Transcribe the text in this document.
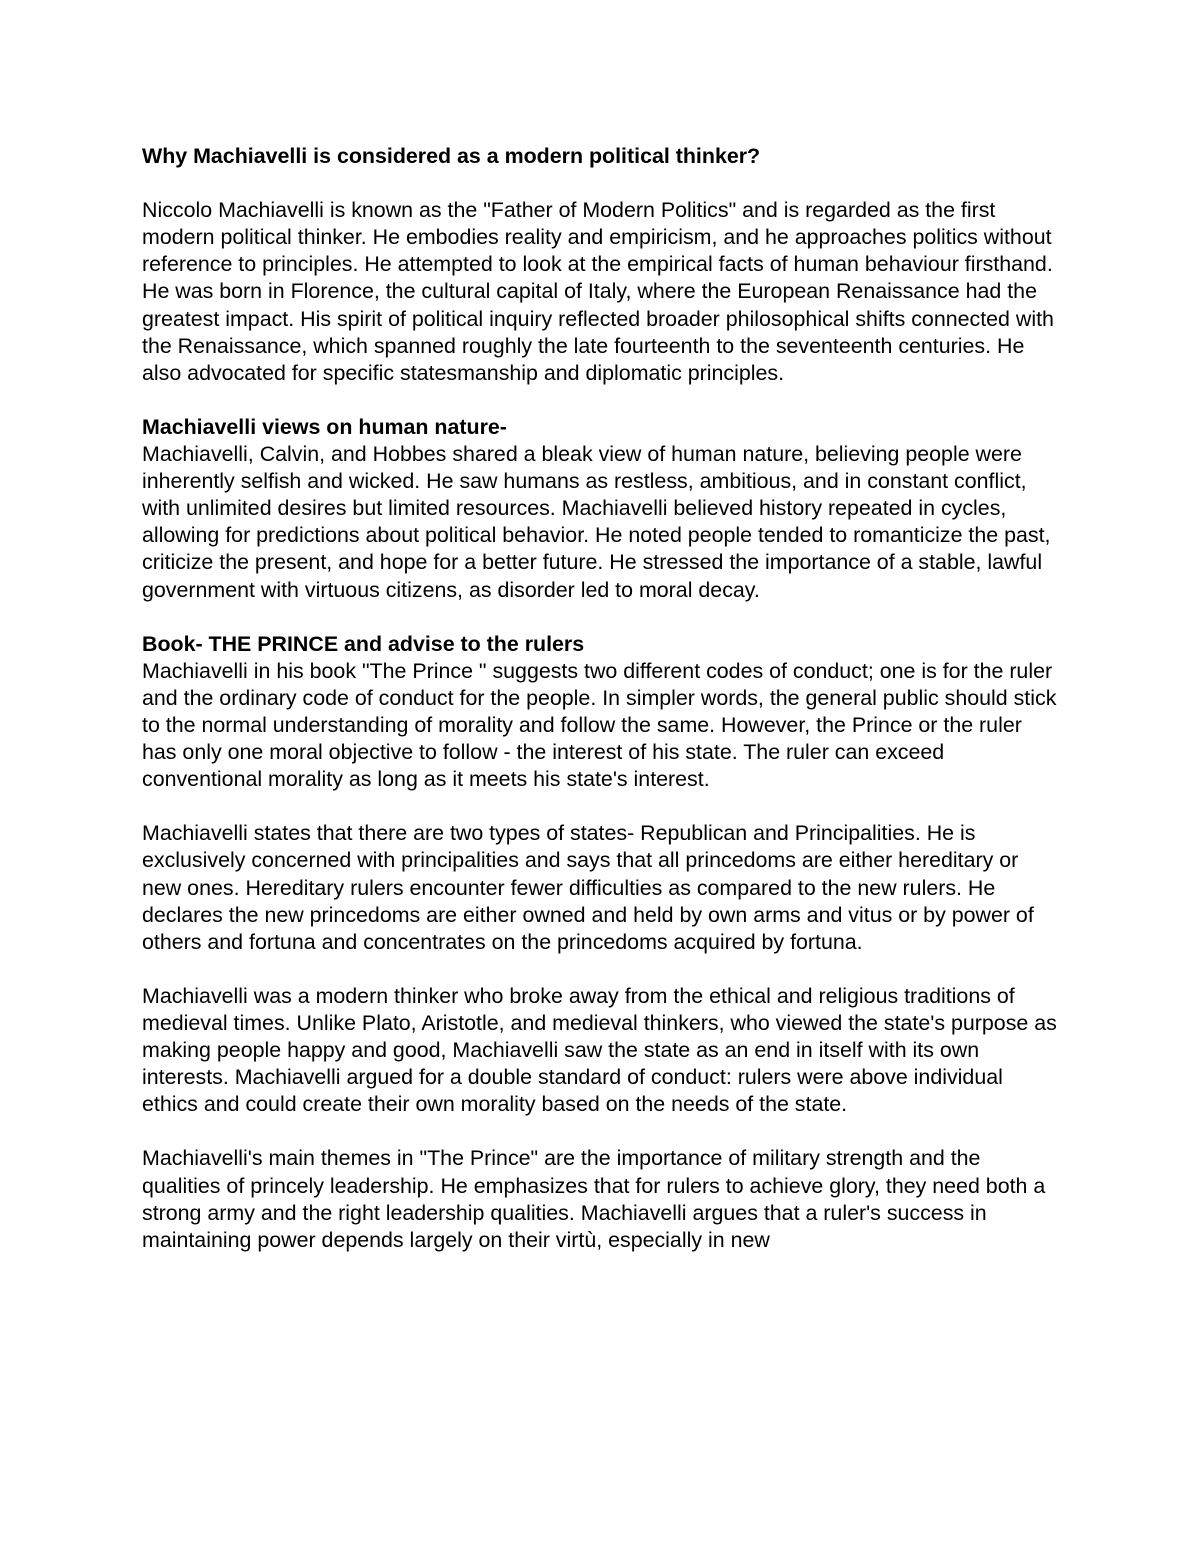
Why Machiavelli is considered as a modern political thinker?

Niccolo Machiavelli is known as the "Father of Modern Politics" and is regarded as the first modern political thinker. He embodies reality and empiricism, and he approaches politics without reference to principles. He attempted to look at the empirical facts of human behaviour firsthand. He was born in Florence, the cultural capital of Italy, where the European Renaissance had the greatest impact. His spirit of political inquiry reflected broader philosophical shifts connected with the Renaissance, which spanned roughly the late fourteenth to the seventeenth centuries. He also advocated for specific statesmanship and diplomatic principles.

Machiavelli views on human nature-

Machiavelli, Calvin, and Hobbes shared a bleak view of human nature, believing people were inherently selfish and wicked. He saw humans as restless, ambitious, and in constant conflict, with unlimited desires but limited resources. Machiavelli believed history repeated in cycles, allowing for predictions about political behavior. He noted people tended to romanticize the past, criticize the present, and hope for a better future. He stressed the importance of a stable, lawful government with virtuous citizens, as disorder led to moral decay.

Book- THE PRINCE and advise to the rulers

Machiavelli in his book "The Prince " suggests two different codes of conduct; one is for the ruler and the ordinary code of conduct for the people. In simpler words, the general public should stick to the normal understanding of morality and follow the same. However, the Prince or the ruler has only one moral objective to follow - the interest of his state. The ruler can exceed conventional morality as long as it meets his state's interest.

Machiavelli states that there are two types of states- Republican and Principalities. He is exclusively concerned with principalities and says that all princedoms are either hereditary or new ones. Hereditary rulers encounter fewer difficulties as compared to the new rulers. He declares the new princedoms are either owned and held by own arms and vitus or by power of others and fortuna and concentrates on the princedoms acquired by fortuna.

Machiavelli was a modern thinker who broke away from the ethical and religious traditions of medieval times. Unlike Plato, Aristotle, and medieval thinkers, who viewed the state's purpose as making people happy and good, Machiavelli saw the state as an end in itself with its own interests. Machiavelli argued for a double standard of conduct: rulers were above individual ethics and could create their own morality based on the needs of the state.

Machiavelli's main themes in "The Prince" are the importance of military strength and the qualities of princely leadership. He emphasizes that for rulers to achieve glory, they need both a strong army and the right leadership qualities. Machiavelli argues that a ruler's success in maintaining power depends largely on their virtù, especially in new
